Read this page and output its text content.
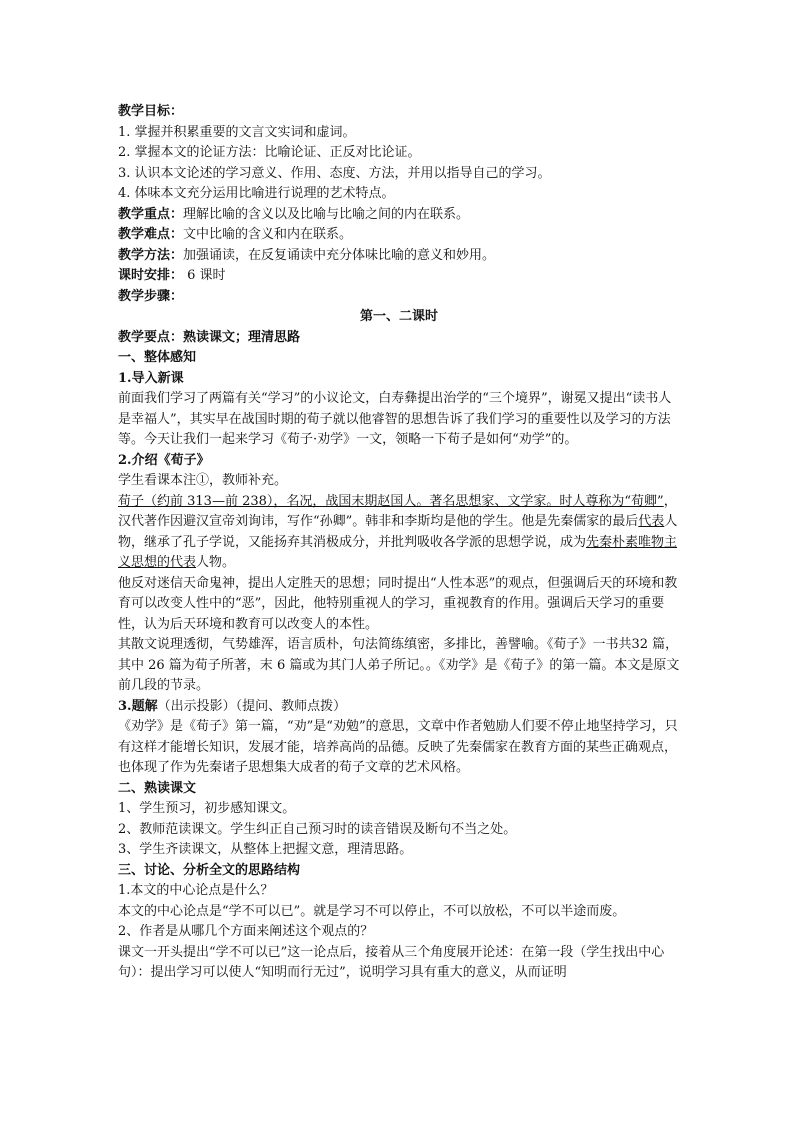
教学目标：
1. 掌握并积累重要的文言文实词和虚词。
2. 掌握本文的论证方法：比喻论证、正反对比论证。
3. 认识本文论述的学习意义、作用、态度、方法，并用以指导自己的学习。
4. 体味本文充分运用比喻进行说理的艺术特点。
教学重点：理解比喻的含义以及比喻与比喻之间的内在联系。
教学难点：文中比喻的含义和内在联系。
教学方法：加强诵读，在反复诵读中充分体味比喻的意义和妙用。
课时安排： 6 课时
教学步骤：
第一、二课时
教学要点：熟读课文；理清思路
一、整体感知
1.导入新课

前面我们学习了两篇有关“学习”的小议论文，白寿彝提出治学的“三个境界”，谢冕又提出“读书人是幸福人”，其实早在战国时期的荀子就以他睿智的思想告诉了我们学习的重要性以及学习的方法等。今天让我们一起来学习《荀子·劝学》一文，领略一下荀子是如何“劝学”的。

2.介绍《荀子》
学生看课本注①，教师补充。

荀子（约前 313—前 238），名况，战国末期赵国人。著名思想家、文学家。时人尊称为“荀卿”，汉代著作因避汉宣帝刘询讳，写作“孙卿”。韩非和李斯均是他的学生。他是先秦儒家的最后代表人物，继承了孔子学说，又能扬弃其消极成分，并批判吸收各学派的思想学说，成为先秦朴素唯物主义思想的代表人物。

他反对迷信天命鬼神，提出人定胜天的思想；同时提出“人性本恶”的观点，但强调后天的环境和教育可以改变人性中的“恶”，因此，他特别重视人的学习，重视教育的作用。强调后天学习的重要性，认为后天环境和教育可以改变人的本性。

其散文说理透彻，气势雄浑，语言质朴，句法简练缜密，多排比，善譬喻。《荀子》一书共32 篇，其中 26 篇为荀子所著，末 6 篇或为其门人弟子所记。。《劝学》是《荀子》的第一篇。本文是原文前几段的节录。

3.题解（出示投影）（提问、教师点拨）

《劝学》是《荀子》第一篇，“劝”是“劝勉”的意思，文章中作者勉励人们要不停止地坚持学习，只有这样才能增长知识，发展才能，培养高尚的品德。反映了先秦儒家在教育方面的某些正确观点，也体现了作为先秦诸子思想集大成者的荀子文章的艺术风格。

二、熟读课文
1、学生预习，初步感知课文。
2、教师范读课文。学生纠正自己预习时的读音错误及断句不当之处。
3、学生齐读课文，从整体上把握文意，理清思路。
三、讨论、分析全文的思路结构
1.本文的中心论点是什么？

本文的中心论点是“学不可以已”。就是学习不可以停止，不可以放松，不可以半途而废。

2、作者是从哪几个方面来阐述这个观点的？

课文一开头提出“学不可以已”这一论点后，接着从三个角度展开论述：在第一段（学生找出中心句）：提出学习可以使人“知明而行无过”，说明学习具有重大的意义，从而证明
